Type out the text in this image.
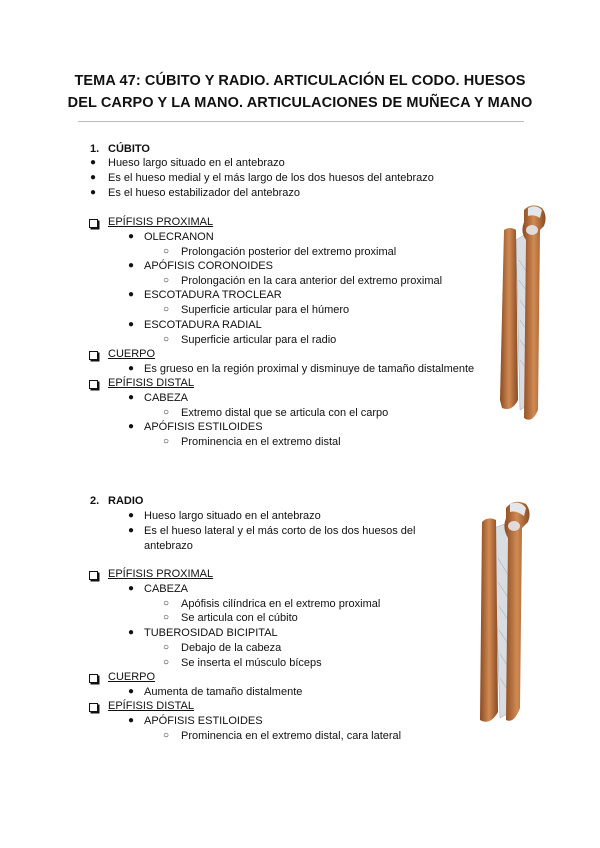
TEMA 47: CÚBITO Y RADIO. ARTICULACIÓN EL CODO. HUESOS
DEL CARPO Y LA MANO. ARTICULACIONES DE MUÑECA Y MANO
1. CÚBITO
●
Hueso largo situado en el antebrazo
●
Es el hueso medial y el más largo de los dos huesos del antebrazo
●
Es el hueso estabilizador del antebrazo
EPÍFISIS PROXIMAL
●
OLECRANON
○
Prolongación posterior del extremo proximal
●
APÓFISIS CORONOIDES
○
Prolongación en la cara anterior del extremo proximal
●
ESCOTADURA TROCLEAR
○
Superficie articular para el húmero
●
ESCOTADURA RADIAL
○
Superficie articular para el radio
CUERPO
●
Es grueso en la región proximal y disminuye de tamaño distalmente
EPÍFISIS DISTAL
●
CABEZA
○
Extremo distal que se articula con el carpo
●
APÓFISIS ESTILOIDES
○
Prominencia en el extremo distal
2. RADIO
●
Hueso largo situado en el antebrazo
●
Es el hueso lateral y el más corto de los dos huesos del
antebrazo
EPÍFISIS PROXIMAL
●
CABEZA
○
Apófisis cilíndrica en el extremo proximal
○
Se articula con el cúbito
●
TUBEROSIDAD BICIPITAL
○
Debajo de la cabeza
○
Se inserta el músculo bíceps
CUERPO
●
Aumenta de tamaño distalmente
EPÍFISIS DISTAL
●
APÓFISIS ESTILOIDES
○
Prominencia en el extremo distal, cara lateral
